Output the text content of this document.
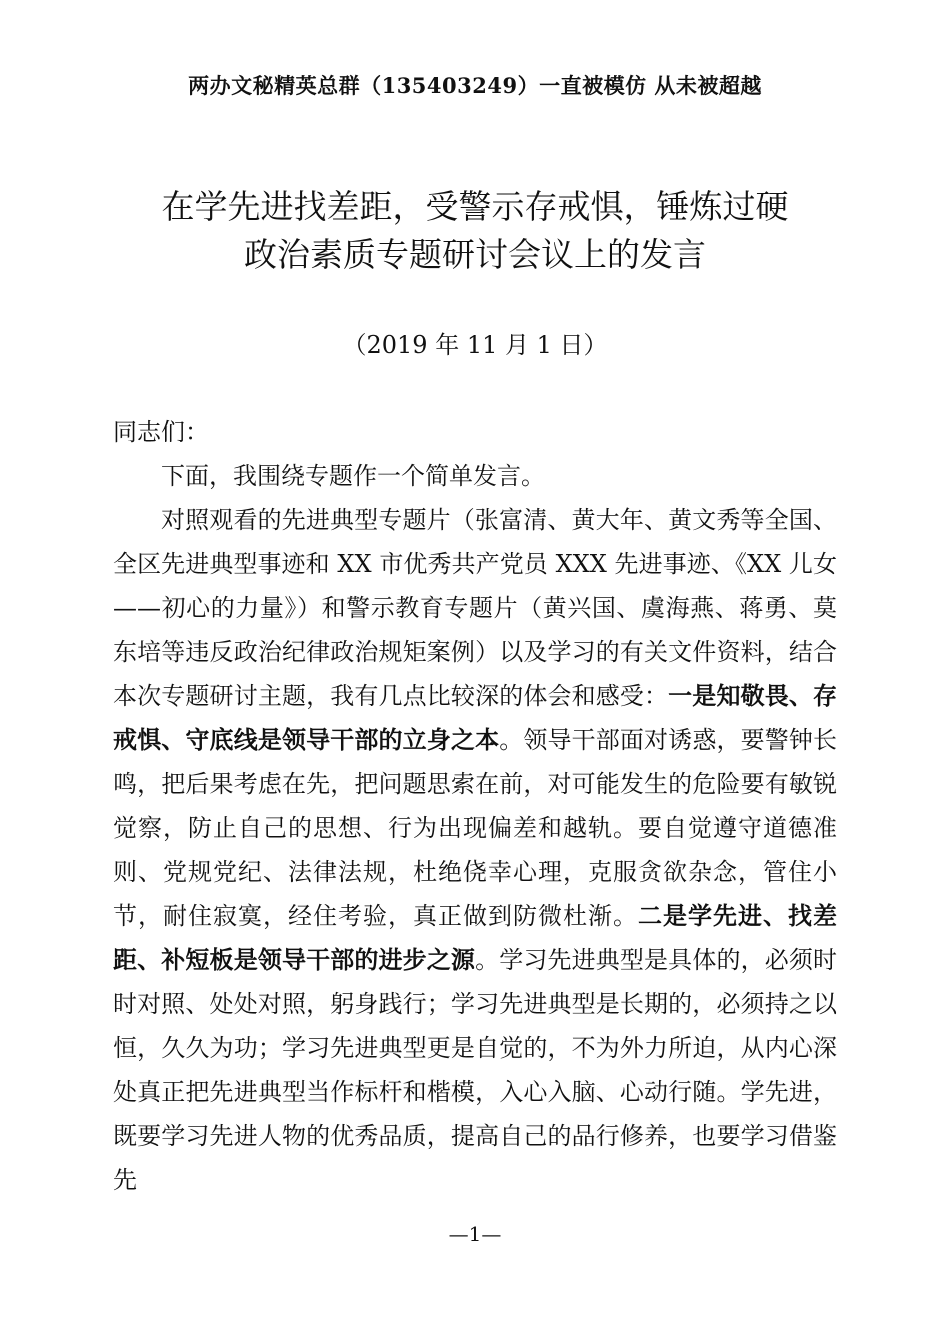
两办文秘精英总群（135403249）一直被模仿 从未被超越
在学先进找差距，受警示存戒惧，锤炼过硬
政治素质专题研讨会议上的发言
（2019 年 11 月 1 日）

同志们：

下面，我围绕专题作一个简单发言。

对照观看的先进典型专题片（张富清、黄大年、黄文秀等全国、全区先进典型事迹和 XX 市优秀共产党员 XXX 先进事迹、《XX 儿女——初心的力量》）和警示教育专题片（黄兴国、虞海燕、蒋勇、莫东培等违反政治纪律政治规矩案例）以及学习的有关文件资料，结合本次专题研讨主题，我有几点比较深的体会和感受：一是知敬畏、存戒惧、守底线是领导干部的立身之本。领导干部面对诱惑，要警钟长鸣，把后果考虑在先，把问题思索在前，对可能发生的危险要有敏锐觉察，防止自己的思想、行为出现偏差和越轨。要自觉遵守道德准则、党规党纪、法律法规，杜绝侥幸心理，克服贪欲杂念，管住小节，耐住寂寞，经住考验，真正做到防微杜渐。二是学先进、找差距、补短板是领导干部的进步之源。学习先进典型是具体的，必须时时对照、处处对照，躬身践行；学习先进典型是长期的，必须持之以恒，久久为功；学习先进典型更是自觉的，不为外力所迫，从内心深处真正把先进典型当作标杆和楷模，入心入脑、心动行随。学先进，既要学习先进人物的优秀品质，提高自己的品行修养，也要学习借鉴先

—1—
